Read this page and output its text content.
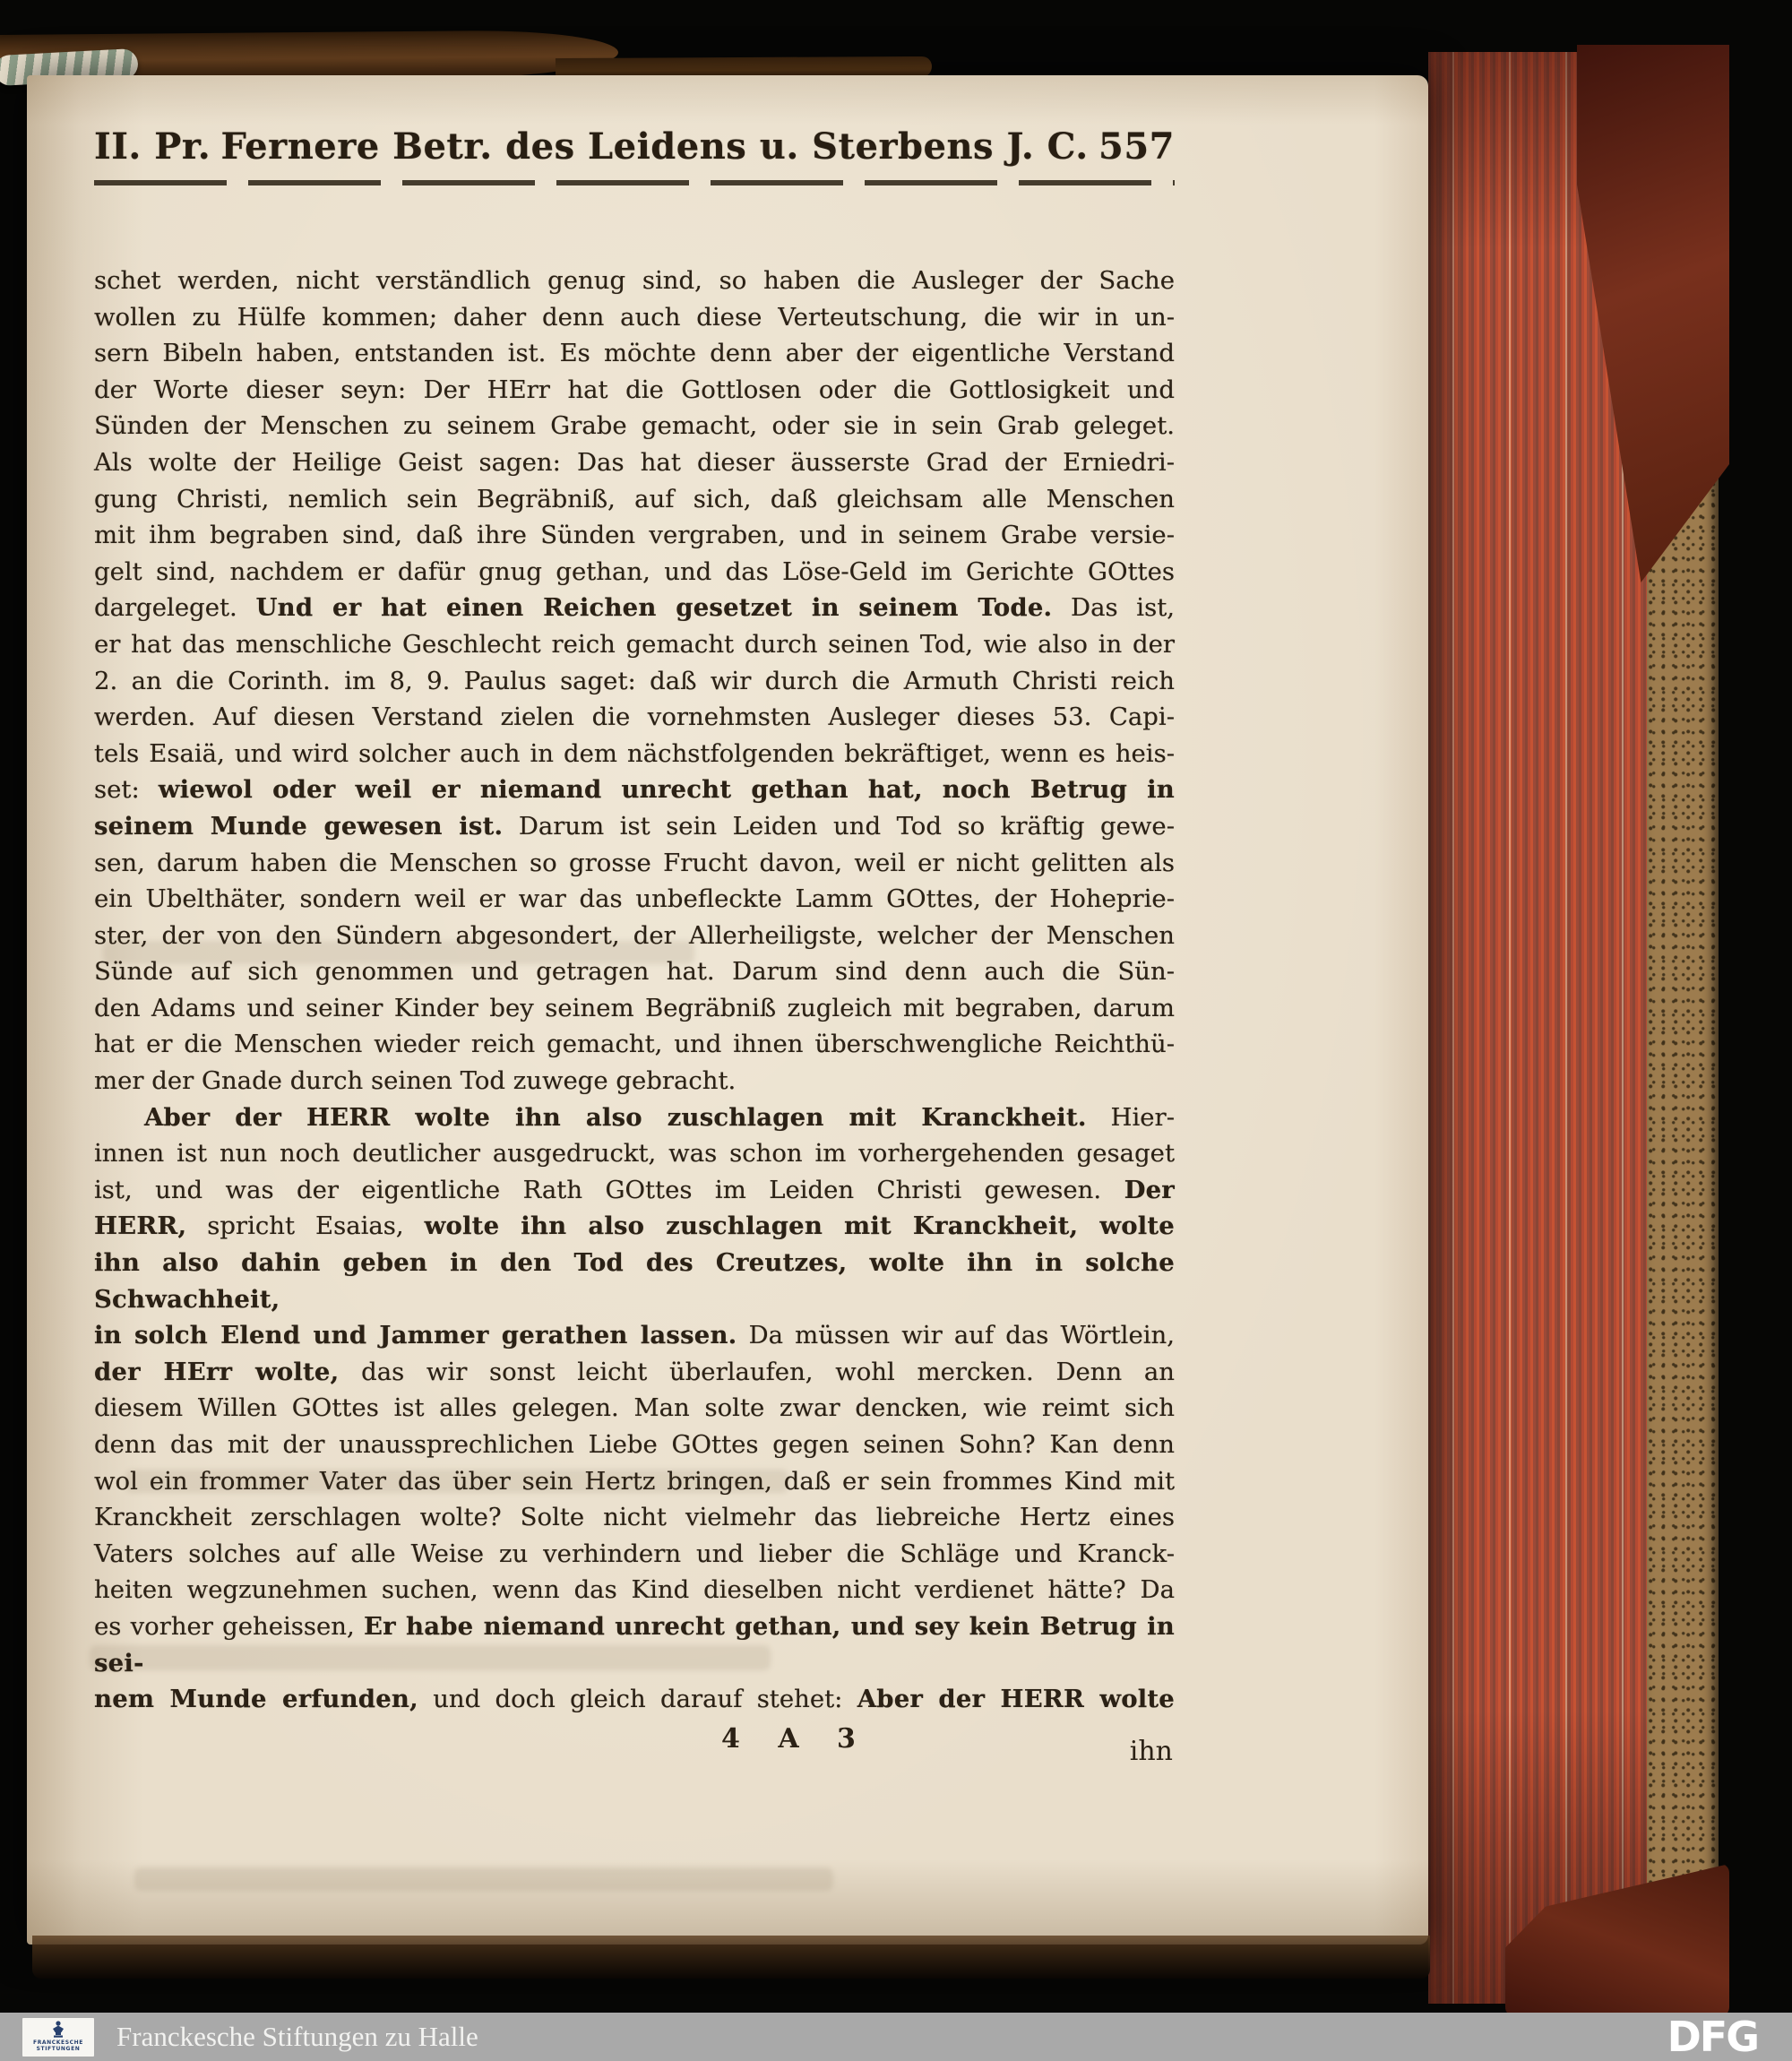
II. Pr. Fernere Betr. des Leidens u. Sterbens J. C. 557
schet werden, nicht verständlich genug sind, so haben die Ausleger der Sache
wollen zu Hülfe kommen; daher denn auch diese Verteutschung, die wir in un-
sern Bibeln haben, entstanden ist. Es möchte denn aber der eigentliche Verstand
der Worte dieser seyn: Der HErr hat die Gottlosen oder die Gottlosigkeit und
Sünden der Menschen zu seinem Grabe gemacht, oder sie in sein Grab geleget.
Als wolte der Heilige Geist sagen: Das hat dieser äusserste Grad der Erniedri-
gung Christi, nemlich sein Begräbniß, auf sich, daß gleichsam alle Menschen
mit ihm begraben sind, daß ihre Sünden vergraben, und in seinem Grabe versie-
gelt sind, nachdem er dafür gnug gethan, und das Löse-Geld im Gerichte GOttes
dargeleget. Und er hat einen Reichen gesetzet in seinem Tode. Das ist,
er hat das menschliche Geschlecht reich gemacht durch seinen Tod, wie also in der
2. an die Corinth. im 8, 9. Paulus saget: daß wir durch die Armuth Christi reich
werden. Auf diesen Verstand zielen die vornehmsten Ausleger dieses 53. Capi-
tels Esaiä, und wird solcher auch in dem nächstfolgenden bekräftiget, wenn es heis-
set: wiewol oder weil er niemand unrecht gethan hat, noch Betrug in
seinem Munde gewesen ist. Darum ist sein Leiden und Tod so kräftig gewe-
sen, darum haben die Menschen so grosse Frucht davon, weil er nicht gelitten als
ein Ubelthäter, sondern weil er war das unbefleckte Lamm GOttes, der Hoheprie-
ster, der von den Sündern abgesondert, der Allerheiligste, welcher der Menschen
Sünde auf sich genommen und getragen hat. Darum sind denn auch die Sün-
den Adams und seiner Kinder bey seinem Begräbniß zugleich mit begraben, darum
hat er die Menschen wieder reich gemacht, und ihnen überschwengliche Reichthü-
mer der Gnade durch seinen Tod zuwege gebracht.
Aber der HERR wolte ihn also zuschlagen mit Kranckheit. Hier-
innen ist nun noch deutlicher ausgedruckt, was schon im vorhergehenden gesaget
ist, und was der eigentliche Rath GOttes im Leiden Christi gewesen. Der
HERR, spricht Esaias, wolte ihn also zuschlagen mit Kranckheit, wolte
ihn also dahin geben in den Tod des Creutzes, wolte ihn in solche Schwachheit,
in solch Elend und Jammer gerathen lassen. Da müssen wir auf das Wörtlein,
der HErr wolte, das wir sonst leicht überlaufen, wohl mercken. Denn an
diesem Willen GOttes ist alles gelegen. Man solte zwar dencken, wie reimt sich
denn das mit der unaussprechlichen Liebe GOttes gegen seinen Sohn? Kan denn
wol ein frommer Vater das über sein Hertz bringen, daß er sein frommes Kind mit
Kranckheit zerschlagen wolte? Solte nicht vielmehr das liebreiche Hertz eines
Vaters solches auf alle Weise zu verhindern und lieber die Schläge und Kranck-
heiten wegzunehmen suchen, wenn das Kind dieselben nicht verdienet hätte? Da
es vorher geheissen, Er habe niemand unrecht gethan, und sey kein Betrug in sei-
nem Munde erfunden, und doch gleich darauf stehet: Aber der HERR wolte
4 A 3	ihn
FRANCKESCHE
STIFTUNGEN Franckesche Stiftungen zu Halle	DFG
